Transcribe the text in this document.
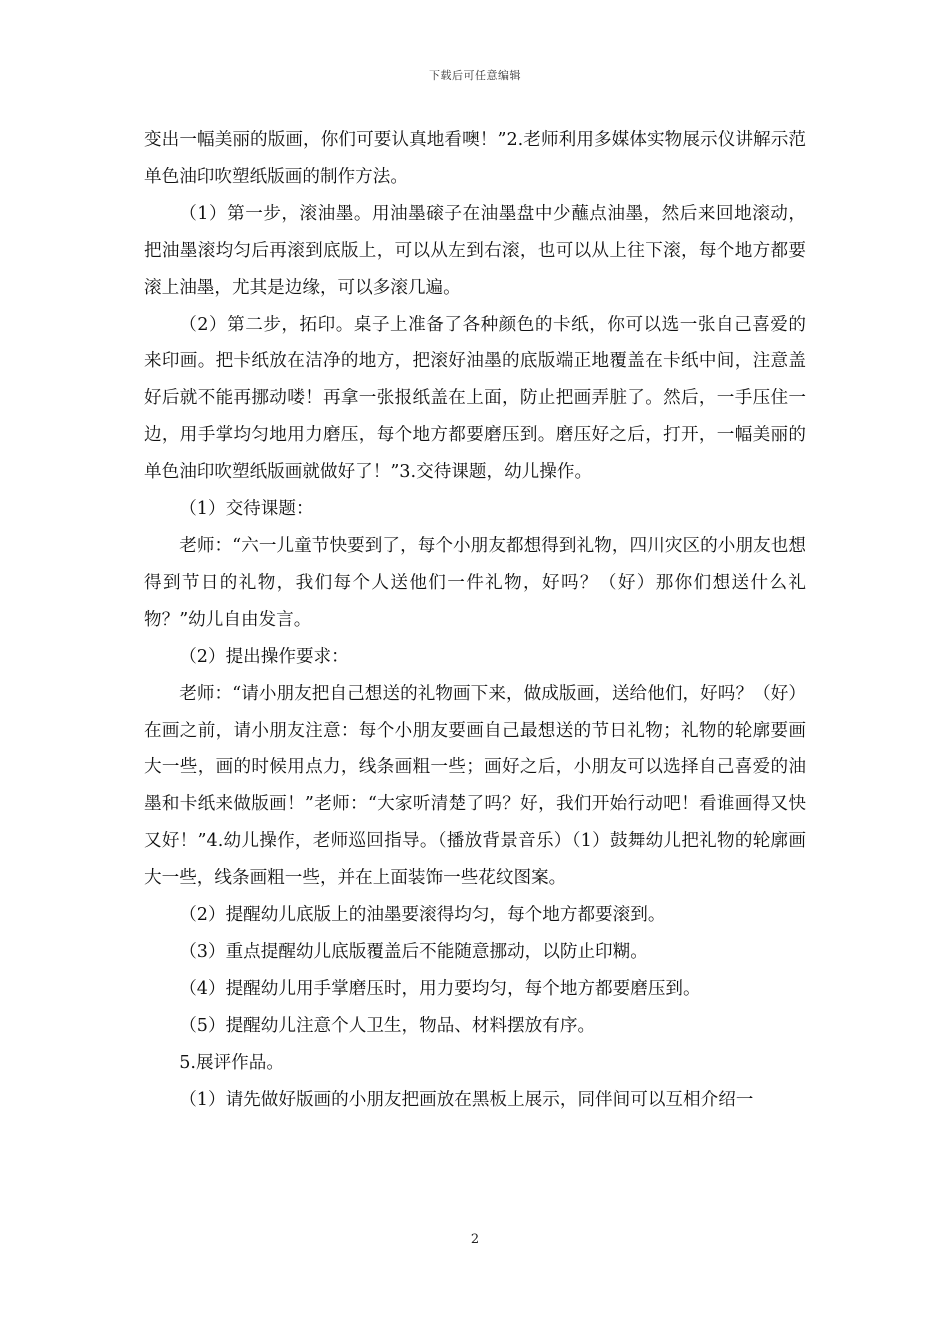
下载后可任意编辑

变出一幅美丽的版画，你们可要认真地看噢！”2.老师利用多媒体实物展示仪讲解示范单色油印吹塑纸版画的制作方法。

（1）第一步，滚油墨。用油墨磙子在油墨盘中少蘸点油墨，然后来回地滚动，把油墨滚均匀后再滚到底版上，可以从左到右滚，也可以从上往下滚，每个地方都要滚上油墨，尤其是边缘，可以多滚几遍。

（2）第二步，拓印。桌子上准备了各种颜色的卡纸，你可以选一张自己喜爱的来印画。把卡纸放在洁净的地方，把滚好油墨的底版端正地覆盖在卡纸中间，注意盖好后就不能再挪动喽！再拿一张报纸盖在上面，防止把画弄脏了。然后，一手压住一边，用手掌均匀地用力磨压，每个地方都要磨压到。磨压好之后，打开，一幅美丽的单色油印吹塑纸版画就做好了！”3.交待课题，幼儿操作。

（1）交待课题：

老师：“六一儿童节快要到了，每个小朋友都想得到礼物，四川灾区的小朋友也想得到节日的礼物，我们每个人送他们一件礼物，好吗？（好）那你们想送什么礼物？”幼儿自由发言。

（2）提出操作要求：

老师：“请小朋友把自己想送的礼物画下来，做成版画，送给他们，好吗？（好）在画之前，请小朋友注意：每个小朋友要画自己最想送的节日礼物；礼物的轮廓要画大一些，画的时候用点力，线条画粗一些；画好之后，小朋友可以选择自己喜爱的油墨和卡纸来做版画！”老师：“大家听清楚了吗？好，我们开始行动吧！看谁画得又快又好！”4.幼儿操作，老师巡回指导。（播放背景音乐）（1）鼓舞幼儿把礼物的轮廓画大一些，线条画粗一些，并在上面装饰一些花纹图案。

（2）提醒幼儿底版上的油墨要滚得均匀，每个地方都要滚到。

（3）重点提醒幼儿底版覆盖后不能随意挪动，以防止印糊。

（4）提醒幼儿用手掌磨压时，用力要均匀，每个地方都要磨压到。

（5）提醒幼儿注意个人卫生，物品、材料摆放有序。

5.展评作品。

（1）请先做好版画的小朋友把画放在黑板上展示，同伴间可以互相介绍一

2
